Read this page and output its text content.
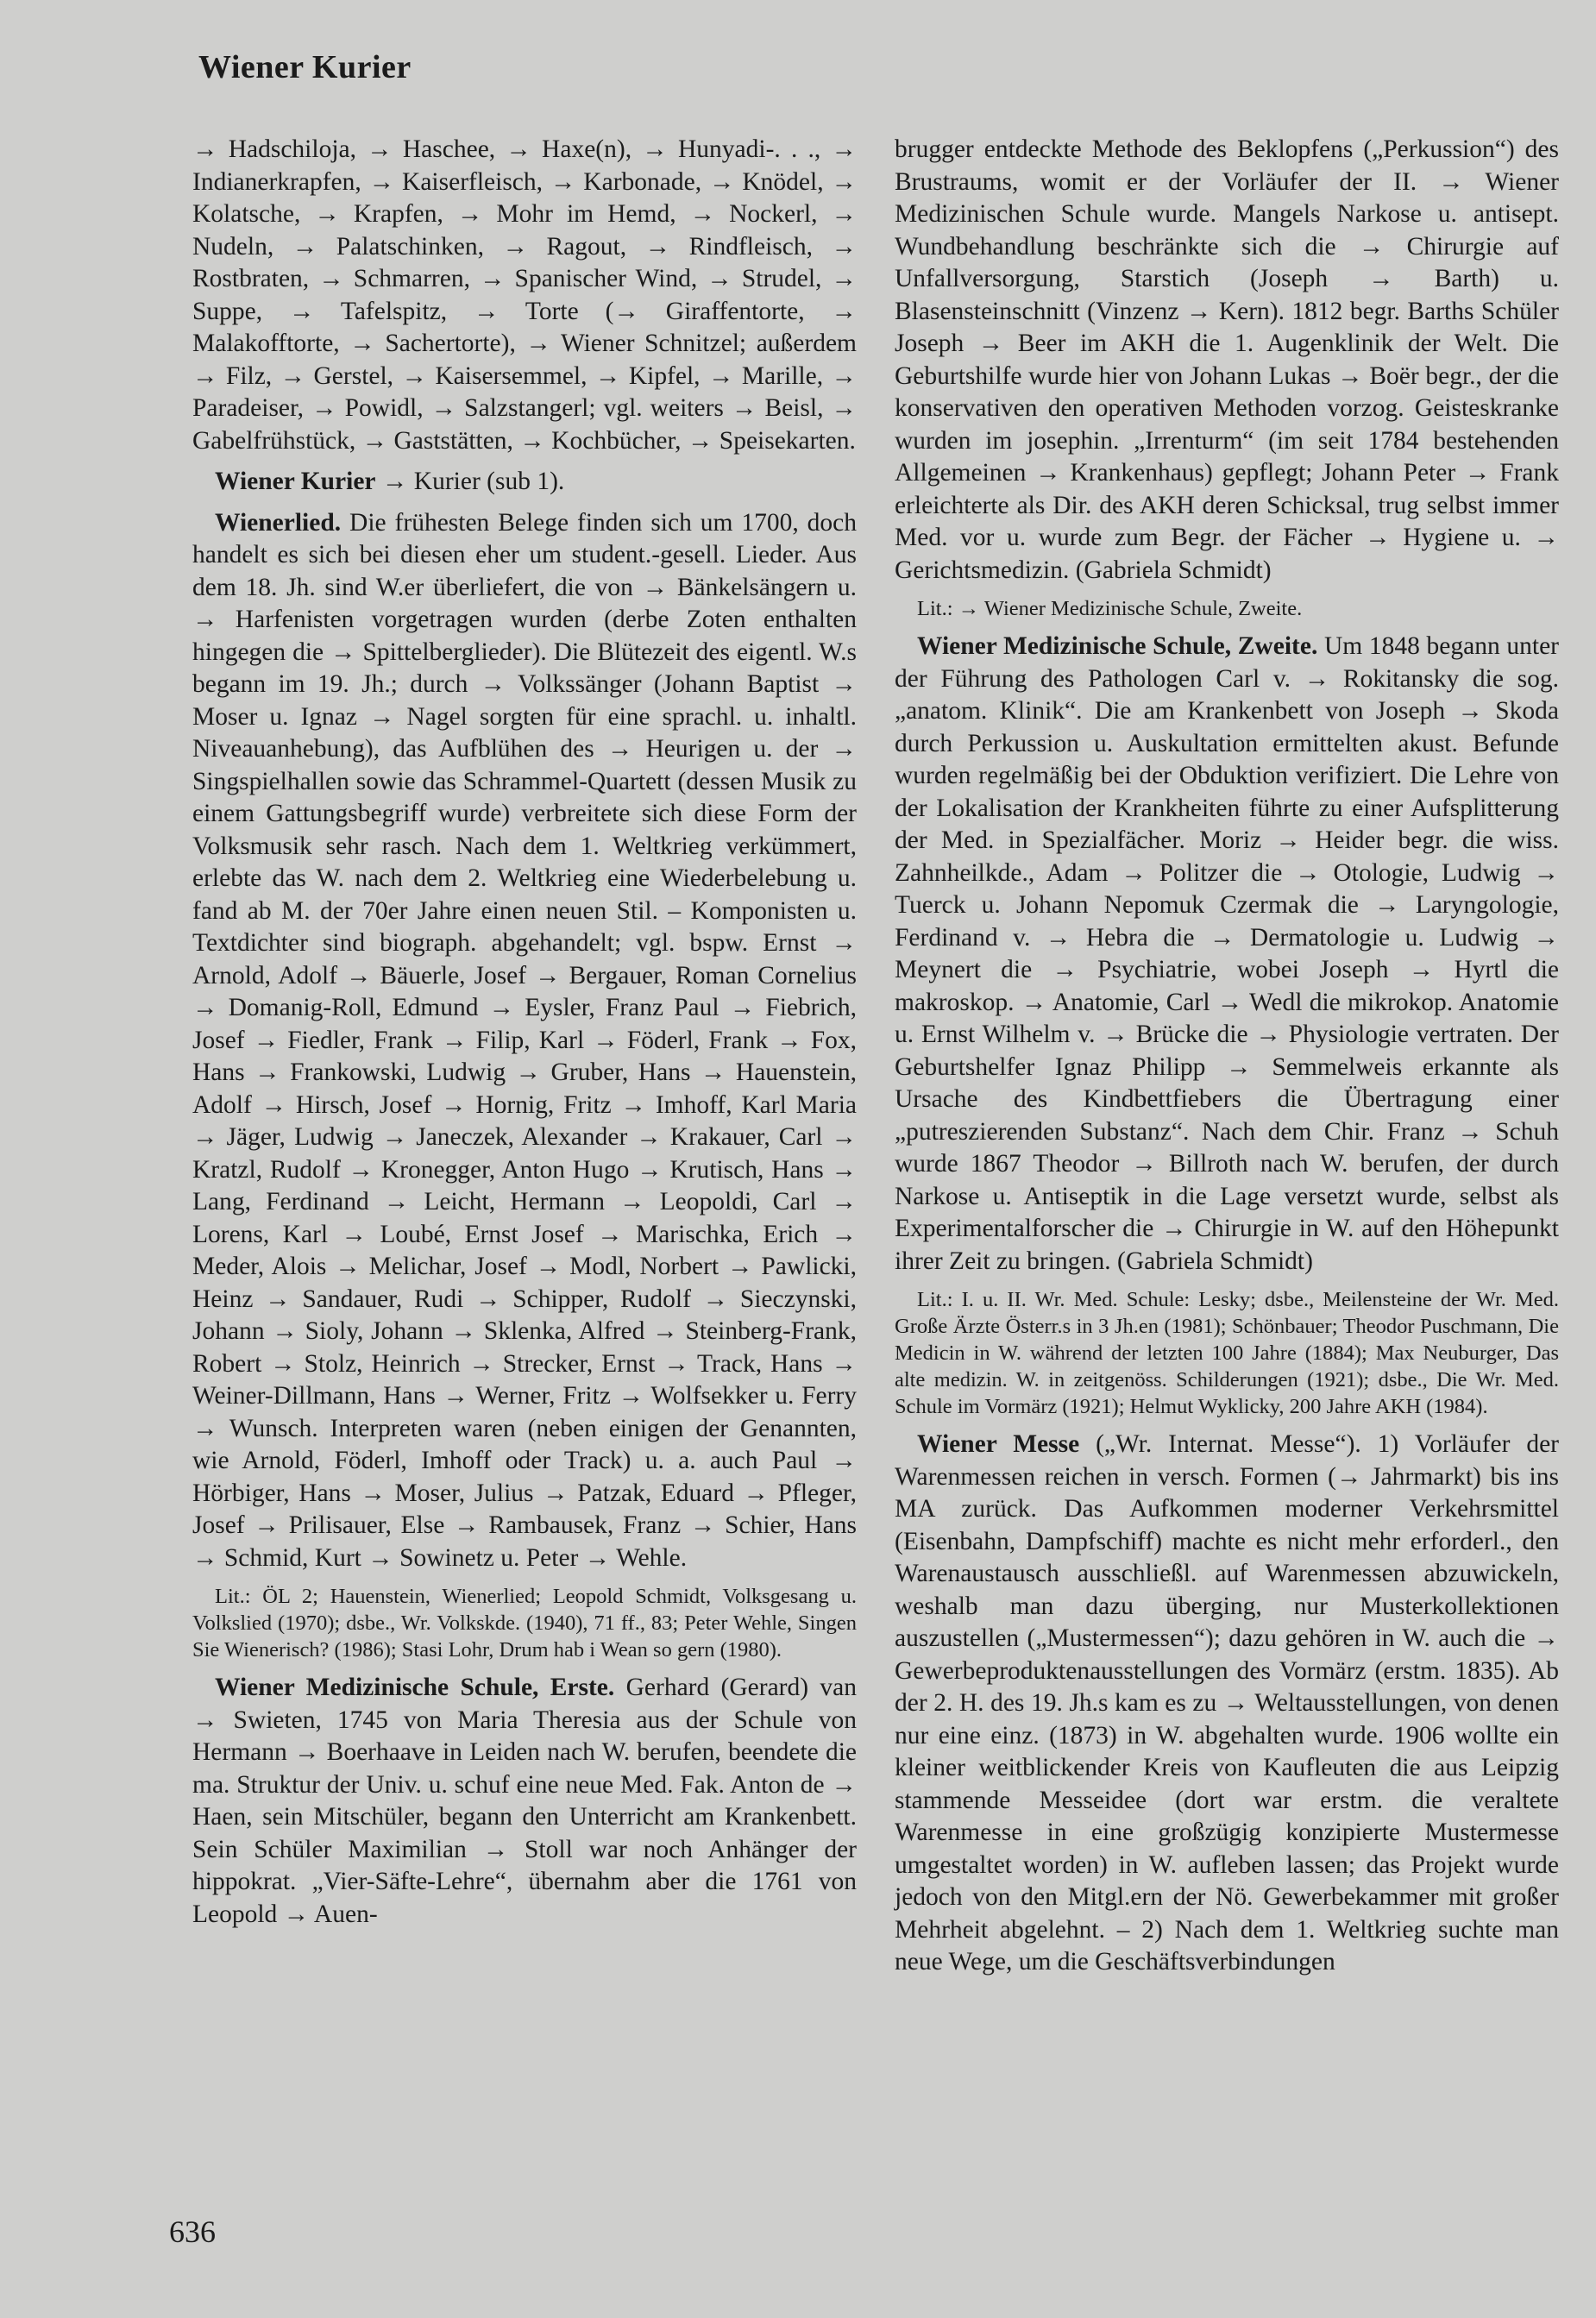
Wiener Kurier

→ Hadschiloja, → Haschee, → Haxe(n), → Hunyadi-. . ., → Indianerkrapfen, → Kaiserfleisch, → Karbonade, → Knödel, → Kolatsche, → Krapfen, → Mohr im Hemd, → Nockerl, → Nudeln, → Palatschinken, → Ragout, → Rindfleisch, → Rostbraten, → Schmarren, → Spanischer Wind, → Strudel, → Suppe, → Tafelspitz, → Torte (→ Giraffentorte, → Malakofftorte, → Sachertorte), → Wiener Schnitzel; außerdem → Filz, → Gerstel, → Kaisersemmel, → Kipfel, → Marille, → Paradeiser, → Powidl, → Salzstangerl; vgl. weiters → Beisl, → Gabelfrühstück, → Gaststätten, → Kochbücher, → Speisekarten.

Wiener Kurier → Kurier (sub 1).

Wienerlied. Die frühesten Belege finden sich um 1700, doch handelt es sich bei diesen eher um student.-gesell. Lieder. Aus dem 18. Jh. sind W.er überliefert, die von → Bänkelsängern u. → Harfenisten vorgetragen wurden (derbe Zoten enthalten hingegen die → Spittelberglieder). Die Blütezeit des eigentl. W.s begann im 19. Jh.; durch → Volkssänger (Johann Baptist → Moser u. Ignaz → Nagel sorgten für eine sprachl. u. inhaltl. Niveauanhebung), das Aufblühen des → Heurigen u. der → Singspielhallen sowie das Schrammel-Quartett (dessen Musik zu einem Gattungsbegriff wurde) verbreitete sich diese Form der Volksmusik sehr rasch. Nach dem 1. Weltkrieg verkümmert, erlebte das W. nach dem 2. Weltkrieg eine Wiederbelebung u. fand ab M. der 70er Jahre einen neuen Stil. – Komponisten u. Textdichter sind biograph. abgehandelt; vgl. bspw. Ernst → Arnold, Adolf → Bäuerle, Josef → Bergauer, Roman Cornelius → Domanig-Roll, Edmund → Eysler, Franz Paul → Fiebrich, Josef → Fiedler, Frank → Filip, Karl → Föderl, Frank → Fox, Hans → Frankowski, Ludwig → Gruber, Hans → Hauenstein, Adolf → Hirsch, Josef → Hornig, Fritz → Imhoff, Karl Maria → Jäger, Ludwig → Janeczek, Alexander → Krakauer, Carl → Kratzl, Rudolf → Kronegger, Anton Hugo → Krutisch, Hans → Lang, Ferdinand → Leicht, Hermann → Leopoldi, Carl → Lorens, Karl → Loubé, Ernst Josef → Marischka, Erich → Meder, Alois → Melichar, Josef → Modl, Norbert → Pawlicki, Heinz → Sandauer, Rudi → Schipper, Rudolf → Sieczynski, Johann → Sioly, Johann → Sklenka, Alfred → Steinberg-Frank, Robert → Stolz, Heinrich → Strecker, Ernst → Track, Hans → Weiner-Dillmann, Hans → Werner, Fritz → Wolfsekker u. Ferry → Wunsch. Interpreten waren (neben einigen der Genannten, wie Arnold, Föderl, Imhoff oder Track) u. a. auch Paul → Hörbiger, Hans → Moser, Julius → Patzak, Eduard → Pfleger, Josef → Prilisauer, Else → Rambausek, Franz → Schier, Hans → Schmid, Kurt → Sowinetz u. Peter → Wehle.

Lit.: ÖL 2; Hauenstein, Wienerlied; Leopold Schmidt, Volksgesang u. Volkslied (1970); dsbe., Wr. Volkskde. (1940), 71 ff., 83; Peter Wehle, Singen Sie Wienerisch? (1986); Stasi Lohr, Drum hab i Wean so gern (1980).

Wiener Medizinische Schule, Erste. Gerhard (Gerard) van → Swieten, 1745 von Maria Theresia aus der Schule von Hermann → Boerhaave in Leiden nach W. berufen, beendete die ma. Struktur der Univ. u. schuf eine neue Med. Fak. Anton de → Haen, sein Mitschüler, begann den Unterricht am Krankenbett. Sein Schüler Maximilian → Stoll war noch Anhänger der hippokrat. „Vier-Säfte-Lehre“, übernahm aber die 1761 von Leopold → Auen-

brugger entdeckte Methode des Beklopfens („Perkussion“) des Brustraums, womit er der Vorläufer der II. → Wiener Medizinischen Schule wurde. Mangels Narkose u. antisept. Wundbehandlung beschränkte sich die → Chirurgie auf Unfallversorgung, Starstich (Joseph → Barth) u. Blasensteinschnitt (Vinzenz → Kern). 1812 begr. Barths Schüler Joseph → Beer im AKH die 1. Augenklinik der Welt. Die Geburtshilfe wurde hier von Johann Lukas → Boër begr., der die konservativen den operativen Methoden vorzog. Geisteskranke wurden im josephin. „Irrenturm“ (im seit 1784 bestehenden Allgemeinen → Krankenhaus) gepflegt; Johann Peter → Frank erleichterte als Dir. des AKH deren Schicksal, trug selbst immer Med. vor u. wurde zum Begr. der Fächer → Hygiene u. → Gerichtsmedizin. (Gabriela Schmidt)

Lit.: → Wiener Medizinische Schule, Zweite.

Wiener Medizinische Schule, Zweite. Um 1848 begann unter der Führung des Pathologen Carl v. → Rokitansky die sog. „anatom. Klinik“. Die am Krankenbett von Joseph → Skoda durch Perkussion u. Auskultation ermittelten akust. Befunde wurden regelmäßig bei der Obduktion verifiziert. Die Lehre von der Lokalisation der Krankheiten führte zu einer Aufsplitterung der Med. in Spezialfächer. Moriz → Heider begr. die wiss. Zahnheilkde., Adam → Politzer die → Otologie, Ludwig → Tuerck u. Johann Nepomuk Czermak die → Laryngologie, Ferdinand v. → Hebra die → Dermatologie u. Ludwig → Meynert die → Psychiatrie, wobei Joseph → Hyrtl die makroskop. → Anatomie, Carl → Wedl die mikrokop. Anatomie u. Ernst Wilhelm v. → Brücke die → Physiologie vertraten. Der Geburtshelfer Ignaz Philipp → Semmelweis erkannte als Ursache des Kindbettfiebers die Übertragung einer „putreszierenden Substanz“. Nach dem Chir. Franz → Schuh wurde 1867 Theodor → Billroth nach W. berufen, der durch Narkose u. Antiseptik in die Lage versetzt wurde, selbst als Experimentalforscher die → Chirurgie in W. auf den Höhepunkt ihrer Zeit zu bringen. (Gabriela Schmidt)

Lit.: I. u. II. Wr. Med. Schule: Lesky; dsbe., Meilensteine der Wr. Med. Große Ärzte Österr.s in 3 Jh.en (1981); Schönbauer; Theodor Puschmann, Die Medicin in W. während der letzten 100 Jahre (1884); Max Neuburger, Das alte medizin. W. in zeitgenöss. Schilderungen (1921); dsbe., Die Wr. Med. Schule im Vormärz (1921); Helmut Wyklicky, 200 Jahre AKH (1984).

Wiener Messe („Wr. Internat. Messe“). 1) Vorläufer der Warenmessen reichen in versch. Formen (→ Jahrmarkt) bis ins MA zurück. Das Aufkommen moderner Verkehrsmittel (Eisenbahn, Dampfschiff) machte es nicht mehr erforderl., den Warenaustausch ausschließl. auf Warenmessen abzuwickeln, weshalb man dazu überging, nur Musterkollektionen auszustellen („Mustermessen“); dazu gehören in W. auch die → Gewerbeproduktenausstellungen des Vormärz (erstm. 1835). Ab der 2. H. des 19. Jh.s kam es zu → Weltausstellungen, von denen nur eine einz. (1873) in W. abgehalten wurde. 1906 wollte ein kleiner weitblickender Kreis von Kaufleuten die aus Leipzig stammende Messeidee (dort war erstm. die veraltete Warenmesse in eine großzügig konzipierte Mustermesse umgestaltet worden) in W. aufleben lassen; das Projekt wurde jedoch von den Mitgl.ern der Nö. Gewerbekammer mit großer Mehrheit abgelehnt. – 2) Nach dem 1. Weltkrieg suchte man neue Wege, um die Geschäftsverbindungen

636
